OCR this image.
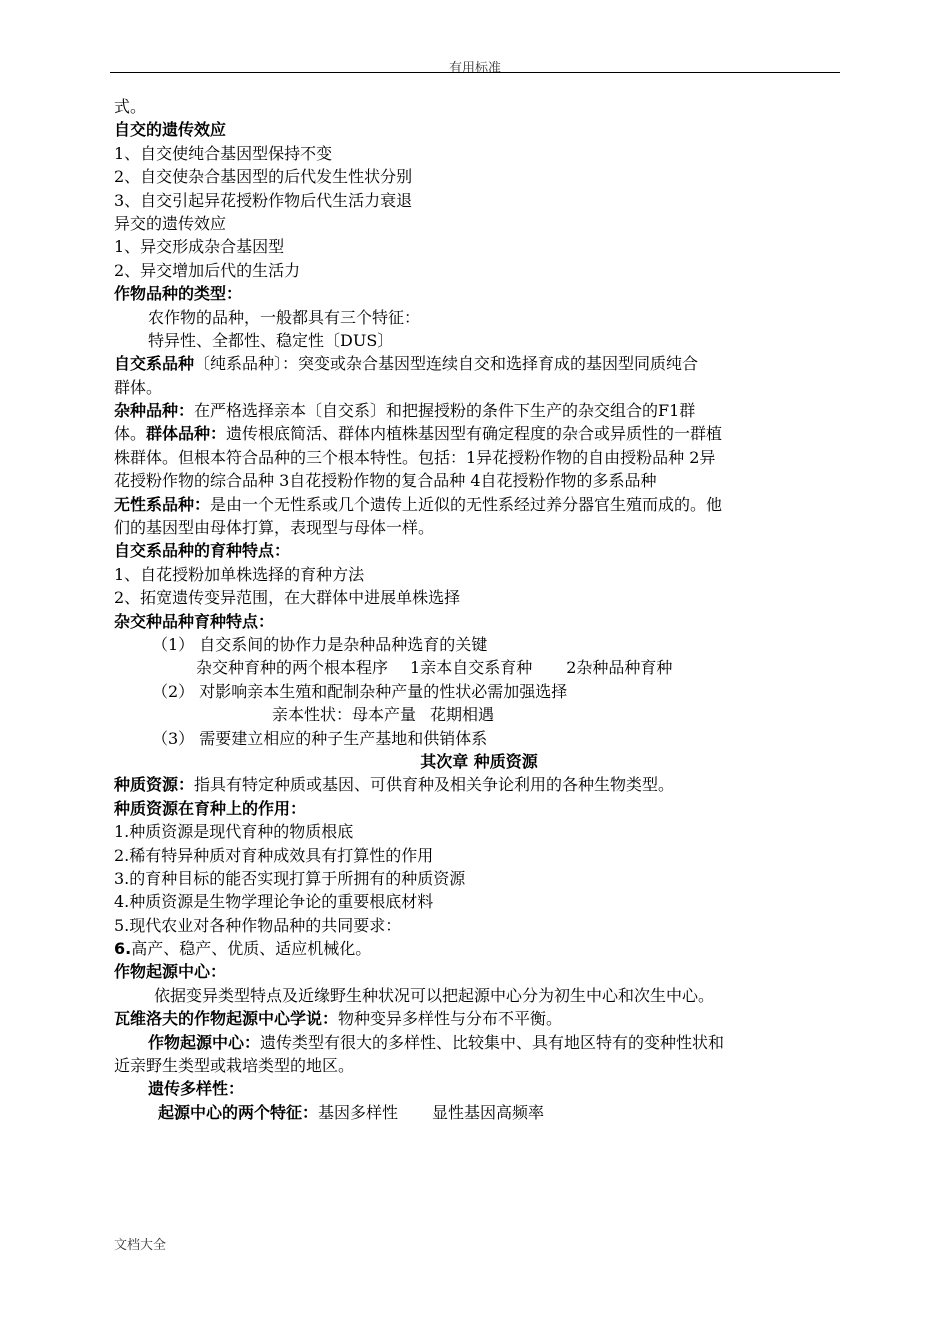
有用标准
式。
自交的遗传效应
1、自交使纯合基因型保持不变
2、自交使杂合基因型的后代发生性状分别
3、自交引起异花授粉作物后代生活力衰退
异交的遗传效应
1、异交形成杂合基因型
2、异交增加后代的生活力
作物品种的类型：
农作物的品种，一般都具有三个特征：
特异性、全都性、稳定性〔DUS〕
自交系品种〔纯系品种〕：突变或杂合基因型连续自交和选择育成的基因型同质纯合
群体。
杂种品种：在严格选择亲本〔自交系〕和把握授粉的条件下生产的杂交组合的F1群
体。群体品种：遗传根底简活、群体内植株基因型有确定程度的杂合或异质性的一群植
株群体。但根本符合品种的三个根本特性。包括：1异花授粉作物的自由授粉品种 2异
花授粉作物的综合品种 3自花授粉作物的复合品种 4自花授粉作物的多系品种
无性系品种：是由一个无性系或几个遗传上近似的无性系经过养分器官生殖而成的。他
们的基因型由母体打算，表现型与母体一样。
自交系品种的育种特点：
1、自花授粉加单株选择的育种方法
2、拓宽遗传变异范围，在大群体中进展单株选择
杂交种品种育种特点：
（1） 自交系间的协作力是杂种品种选育的关键
杂交种育种的两个根本程序 1亲本自交系育种 2杂种品种育种
（2） 对影响亲本生殖和配制杂种产量的性状必需加强选择
亲本性状：母本产量 花期相遇
（3） 需要建立相应的种子生产基地和供销体系
其次章 种质资源
种质资源：指具有特定种质或基因、可供育种及相关争论利用的各种生物类型。
种质资源在育种上的作用：
1.种质资源是现代育种的物质根底
2.稀有特异种质对育种成效具有打算性的作用
3.的育种目标的能否实现打算于所拥有的种质资源
4.种质资源是生物学理论争论的重要根底材料
5.现代农业对各种作物品种的共同要求：
6.高产、稳产、优质、适应机械化。
作物起源中心：
依据变异类型特点及近缘野生种状况可以把起源中心分为初生中心和次生中心。
瓦维洛夫的作物起源中心学说：物种变异多样性与分布不平衡。
作物起源中心：遗传类型有很大的多样性、比较集中、具有地区特有的变种性状和
近亲野生类型或栽培类型的地区。
遗传多样性：
起源中心的两个特征：基因多样性 显性基因高频率
文档大全
